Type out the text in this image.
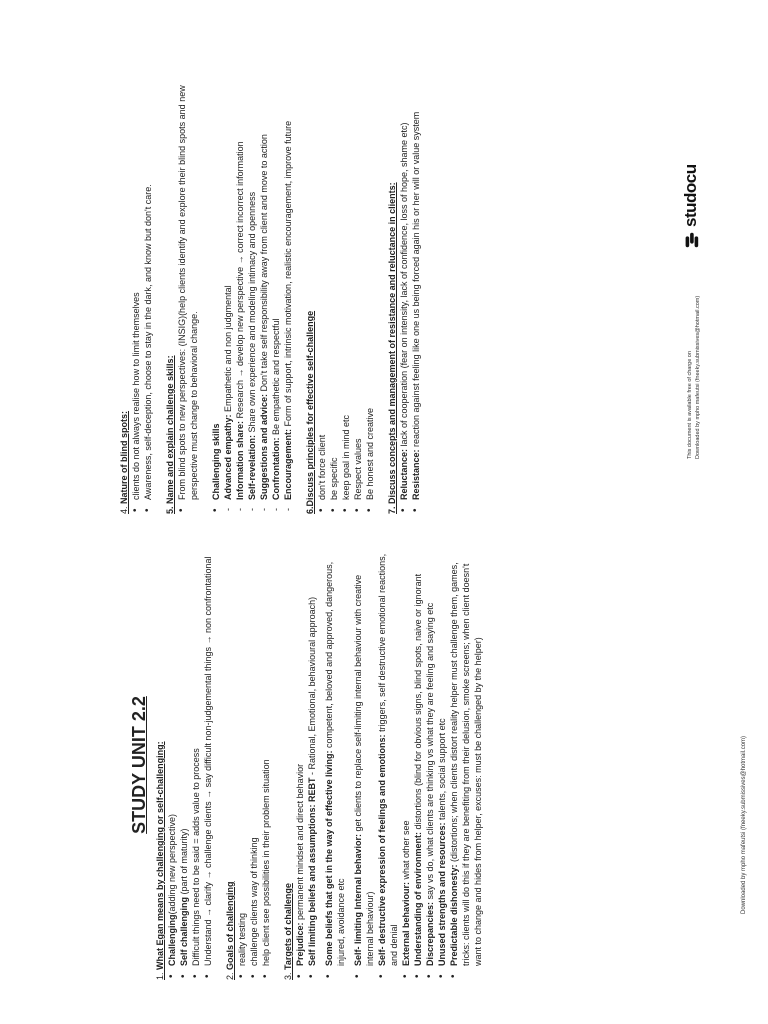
STUDY UNIT 2.2
1. What Egan means by challenging or self-challenging: • Challenging(adding new perspective)
• Self challenging (part of maturity) • Difficult things need to be said = adds value to process • Understand → clarify → challenge clients → say difficult non-judgemental things → non confrontational
2. Goals of challenging • reality testing • challenge clients way of thinking • help client see possibilities in their problem situation
3. Targets of challenge • Prejudice: permanent mindset and direct behavior • Self limiting beliefs and assumptions: REBT - Rational, Emotional, behavioural approach)
• Some beliefs that get in the way of effective living: competent, beloved and approved, dangerous, injured, avoidance etc • Self- limiting Internal behavior: get clients to replace self-limiting internal behaviour with creative internal behaviour) • Self- destructive expression of feelings and emotions: triggers, self destructive emotional reactions, and denial • External behaviour: what other see • Understanding of environment: distortions (blind for obvious signs, blind spots, naive or ignorant
• Discrepancies: say vs do, what clients are thinking vs what they are feeling and saying etc • Unused strengths and resources: talents, social support etc
• Predictable dishonesty: (distortions; when clients distort reality helper must challenge them, games, tricks: clients will do this if they are benefiting from their delusion, smoke screens; when client doesn't want to change and hides from helper, excuses: must be challenged by the helper)	Downloaded by mpho mafeutsi (fneeky.submissives@hotmail.com)
4. Nature of blind spots: • clients do not always realise how to limit themselves • Awareness, self-deception, choose to stay in the dark, and know but don't care. 5. Name and explain challenge skills: • From blind spots to new perspectives: (INSIG)(help clients identify and explore their blind spots and new perspective must change to behavioral change. • Challenging skills - Advanced empathy: Empathetic and non judgmental
- Information share: Research → develop new perspective → correct incorrect information
- Self-revelation: Share own experience and modeling intimacy and openness
- Suggestions and advice: Don't take self responsibility away from client and move to action
- Confrontation: Be empathetic and respectful
- Encouragement: Form of support, intrinsic motivation, realistic encouragement, improve future 6.Discuss principles for effective self-challenge • don't force client • be specific • keep goal in mind etc • Respect values • Be honest and creative 7. Discuss concepts and management of resistance and reluctance in clients: • Reluctance: lack of cooperation (fear on intensity, lack of confidence, loss of hope, shame etc)
• Resistance: reaction against feeling like one us being forced again his or her will or value system	This document is available free of charge on Downloaded by mpho mafeutsi (fneeky.submissives@hotmail.com)
studocu
